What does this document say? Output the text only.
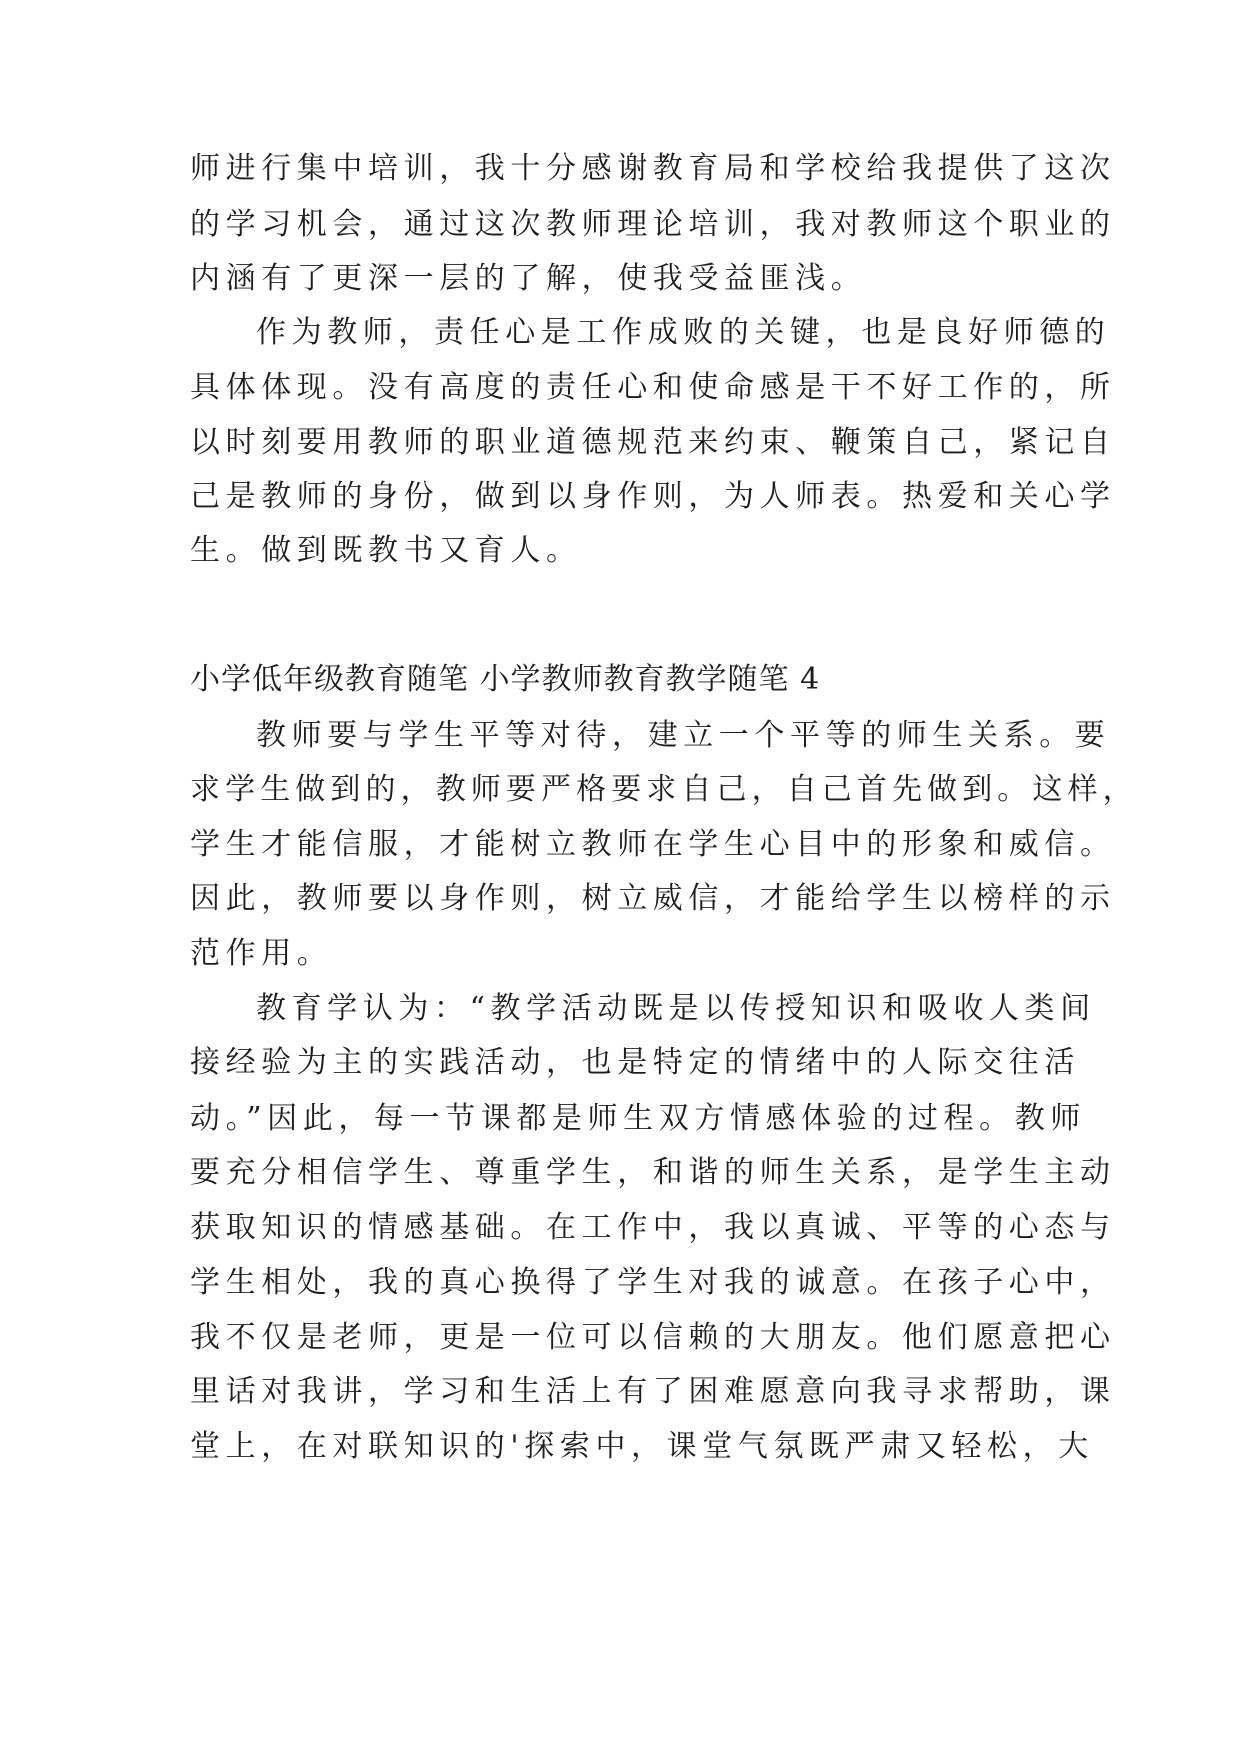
师进行集中培训，我十分感谢教育局和学校给我提供了这次
的学习机会，通过这次教师理论培训，我对教师这个职业的
内涵有了更深一层的了解，使我受益匪浅。
作为教师，责任心是工作成败的关键，也是良好师德的
具体体现。没有高度的责任心和使命感是干不好工作的，所
以时刻要用教师的职业道德规范来约束、鞭策自己，紧记自
己是教师的身份，做到以身作则，为人师表。热爱和关心学
生。做到既教书又育人。
小学低年级教育随笔 小学教师教育教学随笔 4
教师要与学生平等对待，建立一个平等的师生关系。要
求学生做到的，教师要严格要求自己，自己首先做到。这样，
学生才能信服，才能树立教师在学生心目中的形象和威信。
因此，教师要以身作则，树立威信，才能给学生以榜样的示
范作用。
教育学认为：“教学活动既是以传授知识和吸收人类间
接经验为主的实践活动，也是特定的情绪中的人际交往活
动。”因此，每一节课都是师生双方情感体验的过程。教师
要充分相信学生、尊重学生，和谐的师生关系，是学生主动
获取知识的情感基础。在工作中，我以真诚、平等的心态与
学生相处，我的真心换得了学生对我的诚意。在孩子心中，
我不仅是老师，更是一位可以信赖的大朋友。他们愿意把心
里话对我讲，学习和生活上有了困难愿意向我寻求帮助，课
堂上，在对联知识的'探索中，课堂气氛既严肃又轻松，大
